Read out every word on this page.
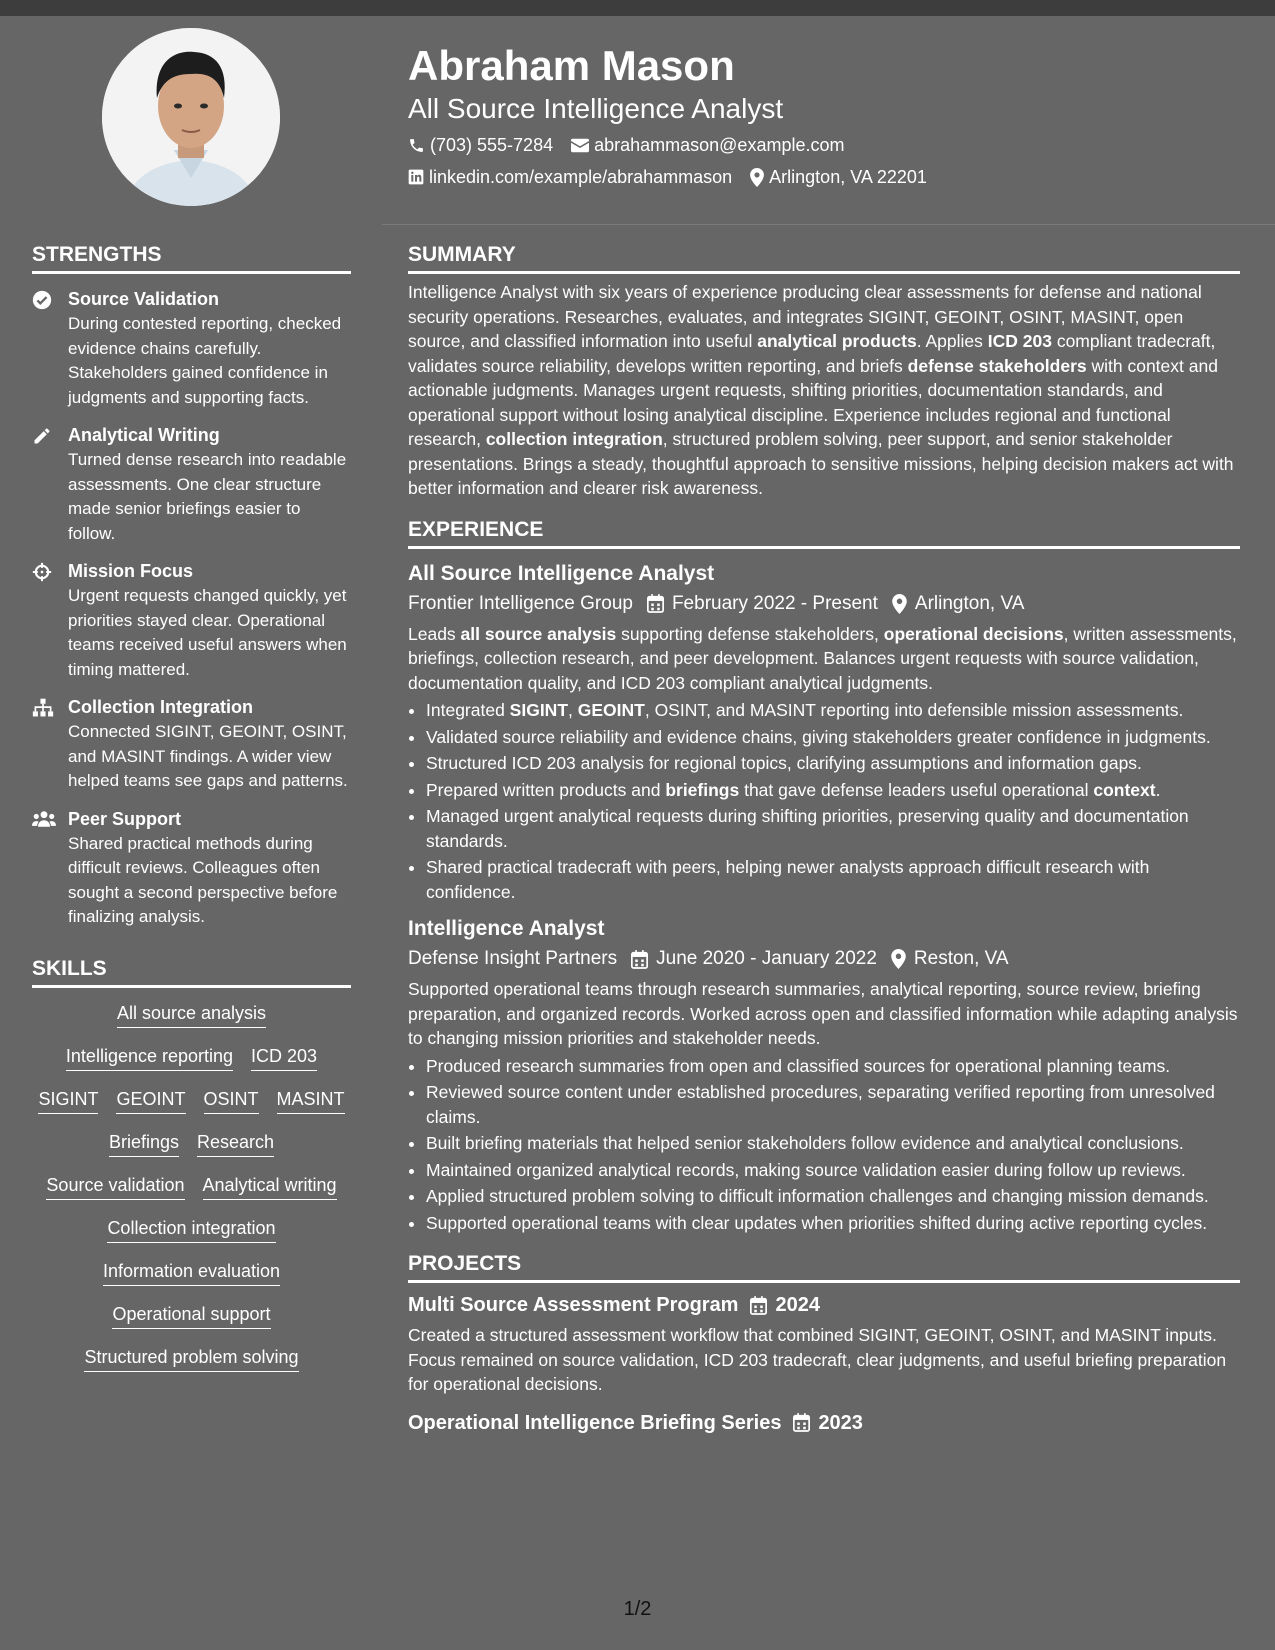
Abraham Mason
All Source Intelligence Analyst
(703) 555-7284 abrahammason@example.com
linkedin.com/example/abrahammason Arlington, VA 22201
STRENGTHS
Source Validation
During contested reporting, checked evidence chains carefully. Stakeholders gained confidence in judgments and supporting facts.
Analytical Writing
Turned dense research into readable assessments. One clear structure made senior briefings easier to follow.
Mission Focus
Urgent requests changed quickly, yet priorities stayed clear. Operational teams received useful answers when timing mattered.
Collection Integration
Connected SIGINT, GEOINT, OSINT, and MASINT findings. A wider view helped teams see gaps and patterns.
Peer Support
Shared practical methods during difficult reviews. Colleagues often sought a second perspective before finalizing analysis.
SKILLS
All source analysis
Intelligence reporting ICD 203
SIGINT GEOINT OSINT MASINT
Briefings Research
Source validation Analytical writing
Collection integration
Information evaluation
Operational support
Structured problem solving
SUMMARY

Intelligence Analyst with six years of experience producing clear assessments for defense and national security operations. Researches, evaluates, and integrates SIGINT, GEOINT, OSINT, MASINT, open source, and classified information into useful analytical products. Applies ICD 203 compliant tradecraft, validates source reliability, develops written reporting, and briefs defense stakeholders with context and actionable judgments. Manages urgent requests, shifting priorities, documentation standards, and operational support without losing analytical discipline. Experience includes regional and functional research, collection integration, structured problem solving, peer support, and senior stakeholder presentations. Brings a steady, thoughtful approach to sensitive missions, helping decision makers act with better information and clearer risk awareness.

EXPERIENCE
All Source Intelligence Analyst
Frontier Intelligence Group February 2022 - Present Arlington, VA

Leads all source analysis supporting defense stakeholders, operational decisions, written assessments, briefings, collection research, and peer development. Balances urgent requests with source validation, documentation quality, and ICD 203 compliant analytical judgments.

• Integrated SIGINT, GEOINT, OSINT, and MASINT reporting into defensible mission assessments.
• Validated source reliability and evidence chains, giving stakeholders greater confidence in judgments.
• Structured ICD 203 analysis for regional topics, clarifying assumptions and information gaps.
• Prepared written products and briefings that gave defense leaders useful operational context.
• Managed urgent analytical requests during shifting priorities, preserving quality and documentation standards.
• Shared practical tradecraft with peers, helping newer analysts approach difficult research with confidence.
Intelligence Analyst
Defense Insight Partners June 2020 - January 2022 Reston, VA

Supported operational teams through research summaries, analytical reporting, source review, briefing preparation, and organized records. Worked across open and classified information while adapting analysis to changing mission priorities and stakeholder needs.

• Produced research summaries from open and classified sources for operational planning teams.
• Reviewed source content under established procedures, separating verified reporting from unresolved claims.
• Built briefing materials that helped senior stakeholders follow evidence and analytical conclusions.
• Maintained organized analytical records, making source validation easier during follow up reviews.
• Applied structured problem solving to difficult information challenges and changing mission demands.
• Supported operational teams with clear updates when priorities shifted during active reporting cycles.
PROJECTS
Multi Source Assessment Program 2024

Created a structured assessment workflow that combined SIGINT, GEOINT, OSINT, and MASINT inputs. Focus remained on source validation, ICD 203 tradecraft, clear judgments, and useful briefing preparation for operational decisions.

Operational Intelligence Briefing Series 2023
1/2
